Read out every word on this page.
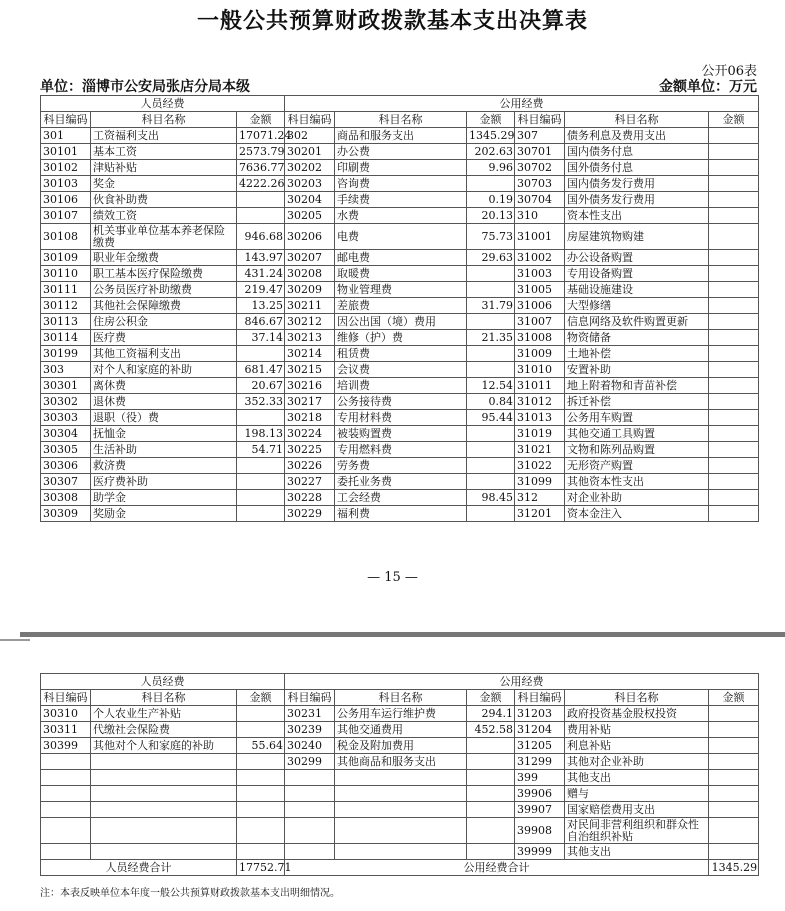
一般公共预算财政拨款基本支出决算表
公开06表
单位：淄博市公安局张店分局本级	金额单位：万元
人员经费			公用经费					
科目编码	科目名称	金额	科目编码	科目名称	金额	科目编码	科目名称	金额
301	工资福利支出	17071.24	302	商品和服务支出	1345.29	307	债务利息及费用支出	
30101	基本工资	2573.79	30201	办公费	202.63	30701	国内债务付息	
30102	津贴补贴	7636.77	30202	印刷费	9.96	30702	国外债务付息	
30103	奖金	4222.26	30203	咨询费		30703	国内债务发行费用	
30106	伙食补助费		30204	手续费	0.19	30704	国外债务发行费用	
30107	绩效工资		30205	水费	20.13	310	资本性支出	
30108	机关事业单位基本养老保险缴费	946.68	30206	电费	75.73	31001	房屋建筑物购建	
30109	职业年金缴费	143.97	30207	邮电费	29.63	31002	办公设备购置	
30110	职工基本医疗保险缴费	431.24	30208	取暖费		31003	专用设备购置	
30111	公务员医疗补助缴费	219.47	30209	物业管理费		31005	基础设施建设	
30112	其他社会保障缴费	13.25	30211	差旅费	31.79	31006	大型修缮	
30113	住房公积金	846.67	30212	因公出国（境）费用		31007	信息网络及软件购置更新	
30114	医疗费	37.14	30213	维修（护）费	21.35	31008	物资储备	
30199	其他工资福利支出		30214	租赁费		31009	土地补偿	
303	对个人和家庭的补助	681.47	30215	会议费		31010	安置补助	
30301	离休费	20.67	30216	培训费	12.54	31011	地上附着物和青苗补偿	
30302	退休费	352.33	30217	公务接待费	0.84	31012	拆迁补偿	
30303	退职（役）费		30218	专用材料费	95.44	31013	公务用车购置	
30304	抚恤金	198.13	30224	被装购置费		31019	其他交通工具购置	
30305	生活补助	54.71	30225	专用燃料费		31021	文物和陈列品购置	
30306	救济费		30226	劳务费		31022	无形资产购置	
30307	医疗费补助		30227	委托业务费		31099	其他资本性支出	
30308	助学金		30228	工会经费	98.45	312	对企业补助	
30309	奖励金		30229	福利费		31201	资本金注入	
— 15 —
人员经费			公用经费					
科目编码	科目名称	金额	科目编码	科目名称	金额	科目编码	科目名称	金额
30310	个人农业生产补贴		30231	公务用车运行维护费	294.1	31203	政府投资基金股权投资	
30311	代缴社会保险费		30239	其他交通费用	452.58	31204	费用补贴	
30399	其他对个人和家庭的补助	55.64	30240	税金及附加费用		31205	利息补贴	
			30299	其他商品和服务支出		31299	其他对企业补助	
						399	其他支出	
						39906	赠与	
						39907	国家赔偿费用支出	
						39908	对民间非营利组织和群众性自治组织补贴	
						39999	其他支出	
人员经费合计		17752.71	公用经费合计					1345.29
注：本表反映单位本年度一般公共预算财政拨款基本支出明细情况。
